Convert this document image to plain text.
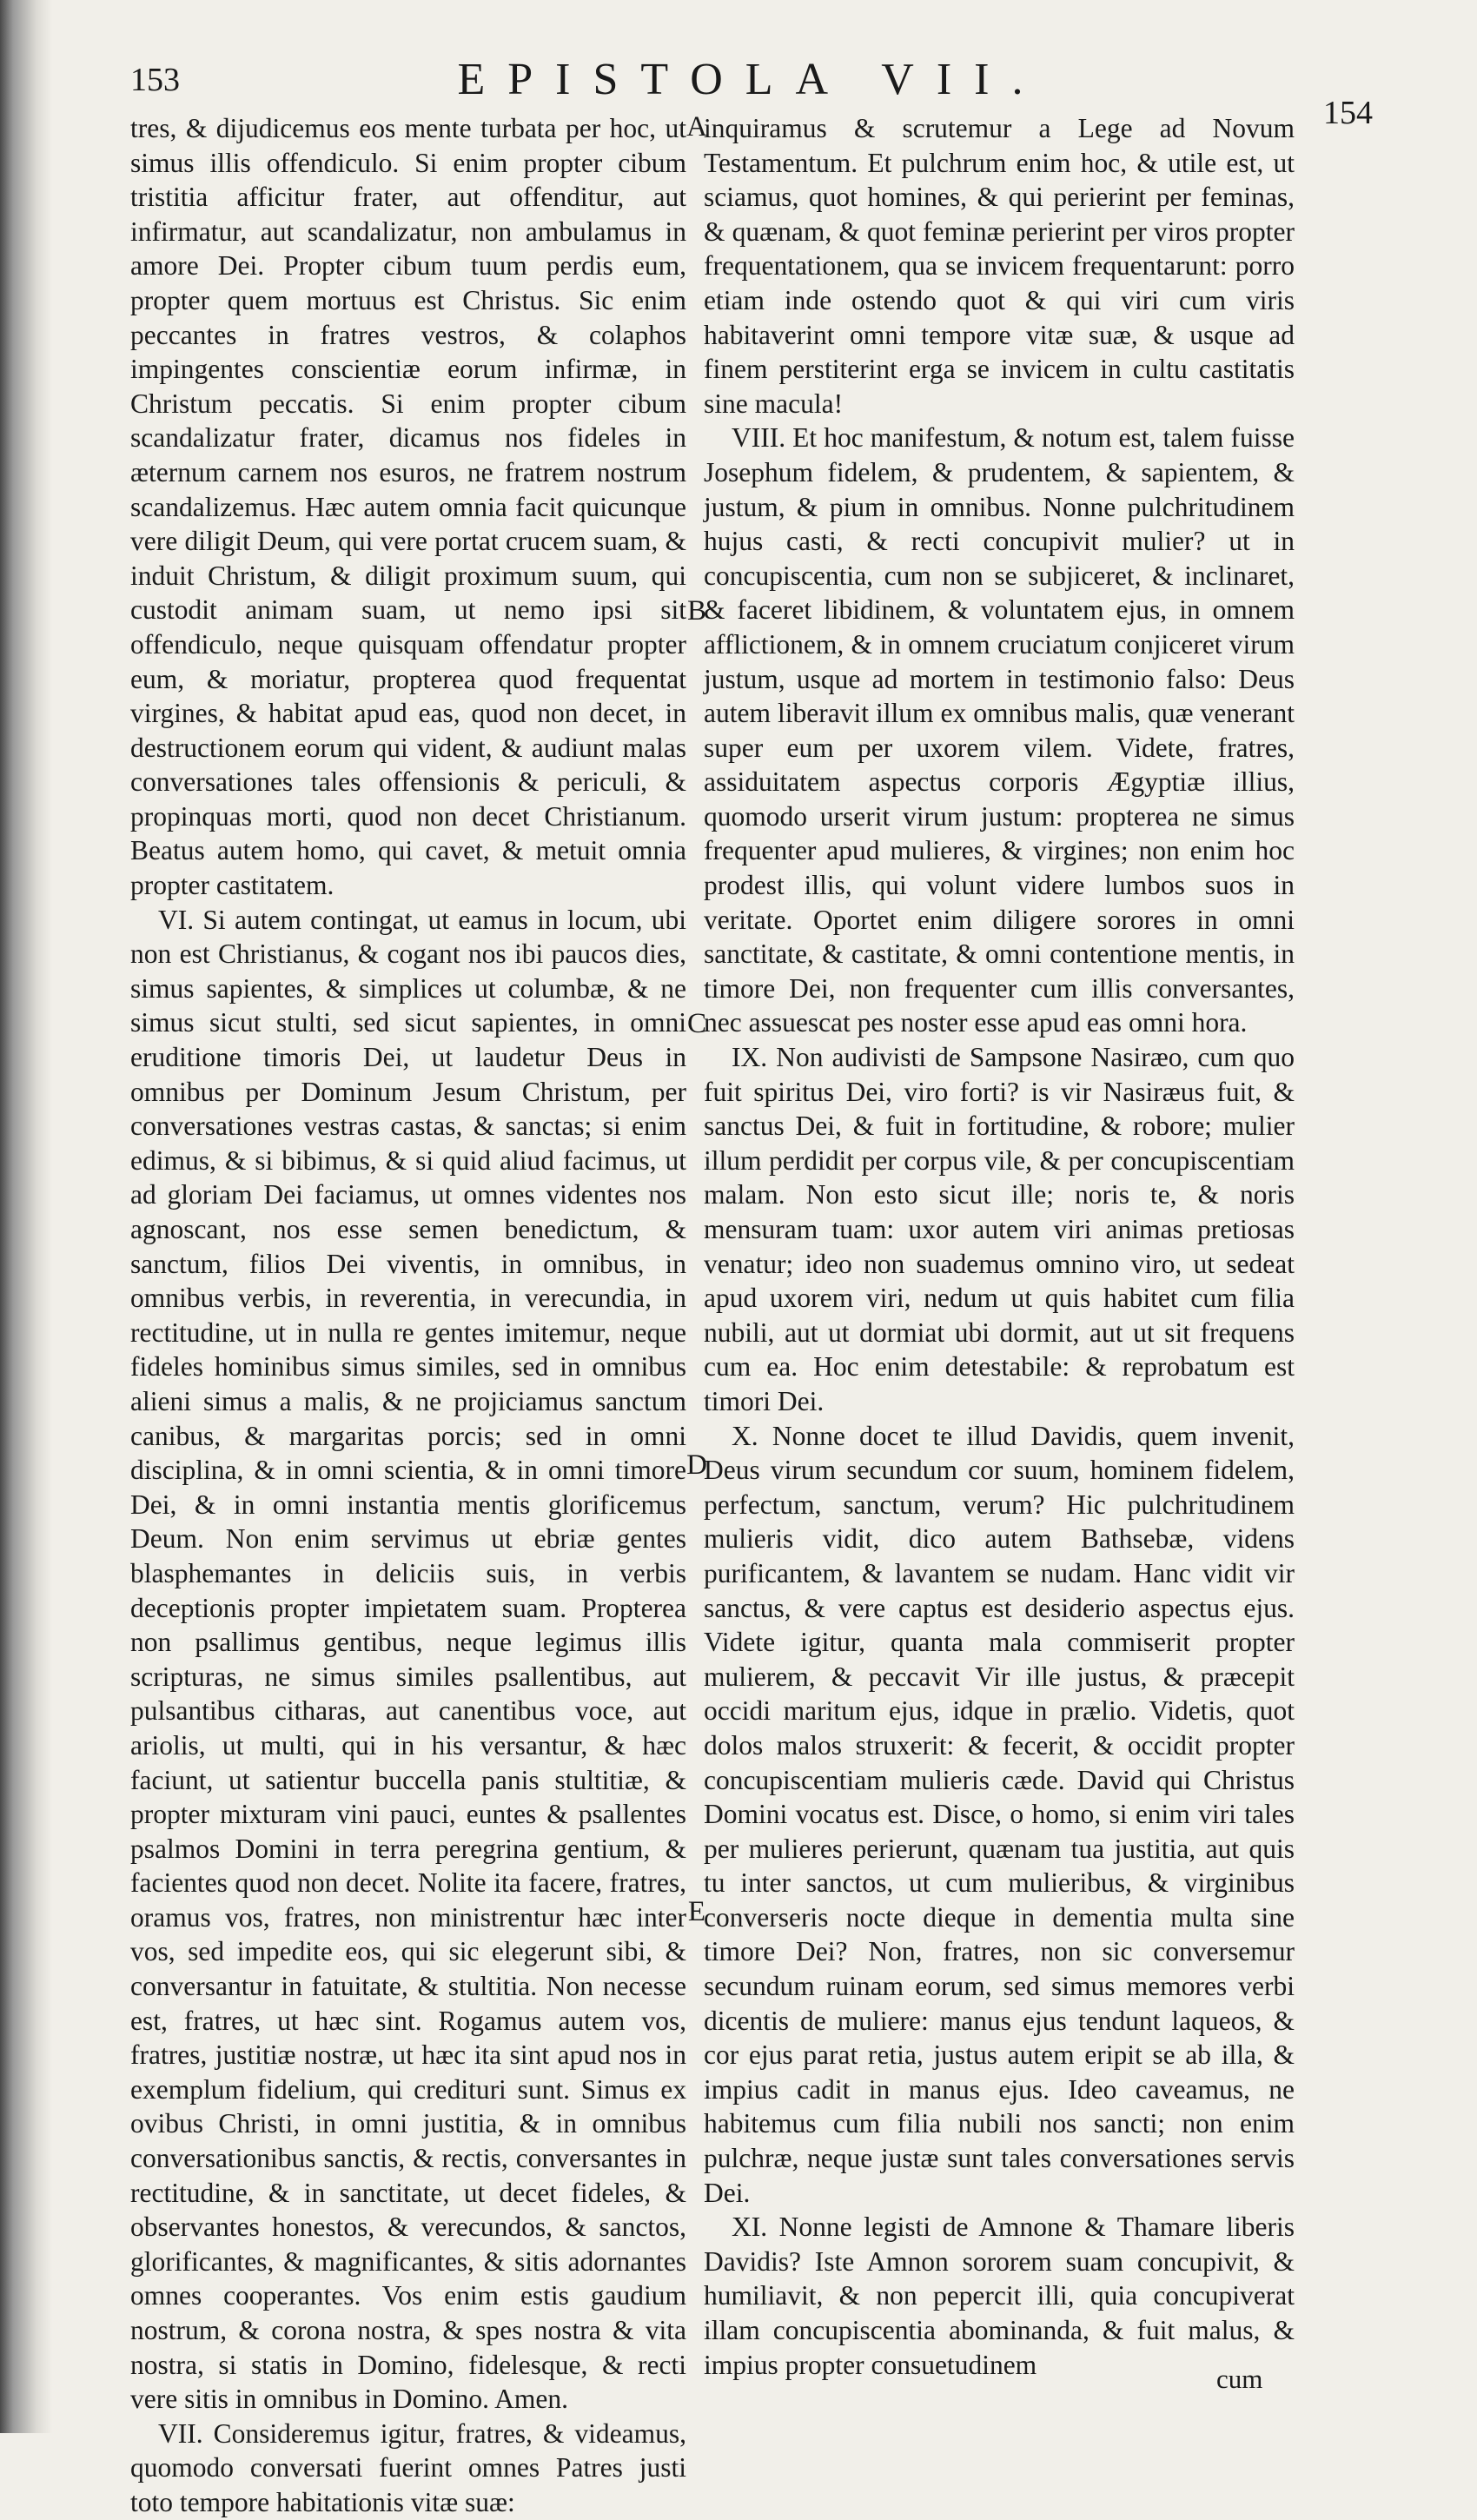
153	EPISTOLA VII.
154

tres, & dijudicemus eos mente turbata per hoc, ut simus illis offendiculo. Si enim propter cibum tristitia afficitur frater, aut offenditur, aut infirmatur, aut scandalizatur, non ambulamus in amore Dei. Propter cibum tuum perdis eum, propter quem mortuus est Christus. Sic enim peccantes in fratres vestros, & colaphos impingentes conscientiæ eorum infirmæ, in Christum peccatis. Si enim propter cibum scandalizatur frater, dicamus nos fideles in æternum carnem nos esuros, ne fratrem nostrum scandalizemus. Hæc autem omnia facit quicunque vere diligit Deum, qui vere portat crucem suam, & induit Christum, & diligit proximum suum, qui custodit animam suam, ut nemo ipsi sit offendiculo, neque quisquam offendatur propter eum, & moriatur, propterea quod frequentat virgines, & habitat apud eas, quod non decet, in destructionem eorum qui vident, & audiunt malas conversationes tales offensionis & periculi, & propinquas morti, quod non decet Christianum. Beatus autem homo, qui cavet, & metuit omnia propter castitatem.

VI. Si autem contingat, ut eamus in locum, ubi non est Christianus, & cogant nos ibi paucos dies, simus sapientes, & simplices ut columbæ, & ne simus sicut stulti, sed sicut sapientes, in omni eruditione timoris Dei, ut laudetur Deus in omnibus per Dominum Jesum Christum, per conversationes vestras castas, & sanctas; si enim edimus, & si bibimus, & si quid aliud facimus, ut ad gloriam Dei faciamus, ut omnes videntes nos agnoscant, nos esse semen benedictum, & sanctum, filios Dei viventis, in omnibus, in omnibus verbis, in reverentia, in verecundia, in rectitudine, ut in nulla re gentes imitemur, neque fideles hominibus simus similes, sed in omnibus alieni simus a malis, & ne projiciamus sanctum canibus, & margaritas porcis; sed in omni disciplina, & in omni scientia, & in omni timore Dei, & in omni instantia mentis glorificemus Deum. Non enim servimus ut ebriæ gentes blasphemantes in deliciis suis, in verbis deceptionis propter impietatem suam. Propterea non psallimus gentibus, neque legimus illis scripturas, ne simus similes psallentibus, aut pulsantibus citharas, aut canentibus voce, aut ariolis, ut multi, qui in his versantur, & hæc faciunt, ut satientur buccella panis stultitiæ, & propter mixturam vini pauci, euntes & psallentes psalmos Domini in terra peregrina gentium, & facientes quod non decet. Nolite ita facere, fratres, oramus vos, fratres, non ministrentur hæc inter vos, sed impedite eos, qui sic elegerunt sibi, & conversantur in fatuitate, & stultitia. Non necesse est, fratres, ut hæc sint. Rogamus autem vos, fratres, justitiæ nostræ, ut hæc ita sint apud nos in exemplum fidelium, qui credituri sunt. Simus ex ovibus Christi, in omni justitia, & in omnibus conversationibus sanctis, & rectis, conversantes in rectitudine, & in sanctitate, ut decet fideles, & observantes honestos, & verecundos, & sanctos, glorificantes, & magnificantes, & sitis adornantes omnes cooperantes. Vos enim estis gaudium nostrum, & corona nostra, & spes nostra & vita nostra, si statis in Domino, fidelesque, & recti vere sitis in omnibus in Domino. Amen.

VII. Consideremus igitur, fratres, & videamus, quomodo conversati fuerint omnes Patres justi toto tempore habitationis vitæ suæ:

inquiramus & scrutemur a Lege ad Novum Testamentum. Et pulchrum enim hoc, & utile est, ut sciamus, quot homines, & qui perierint per feminas, & quænam, & quot feminæ perierint per viros propter frequentationem, qua se invicem frequentarunt: porro etiam inde ostendo quot & qui viri cum viris habitaverint omni tempore vitæ suæ, & usque ad finem perstiterint erga se invicem in cultu castitatis sine macula!

VIII. Et hoc manifestum, & notum est, talem fuisse Josephum fidelem, & prudentem, & sapientem, & justum, & pium in omnibus. Nonne pulchritudinem hujus casti, & recti concupivit mulier? ut in concupiscentia, cum non se subjiceret, & inclinaret, & faceret libidinem, & voluntatem ejus, in omnem afflictionem, & in omnem cruciatum conjiceret virum justum, usque ad mortem in testimonio falso: Deus autem liberavit illum ex omnibus malis, quæ venerant super eum per uxorem vilem. Videte, fratres, assiduitatem aspectus corporis Ægyptiæ illius, quomodo urserit virum justum: propterea ne simus frequenter apud mulieres, & virgines; non enim hoc prodest illis, qui volunt videre lumbos suos in veritate. Oportet enim diligere sorores in omni sanctitate, & castitate, & omni contentione mentis, in timore Dei, non frequenter cum illis conversantes, nec assuescat pes noster esse apud eas omni hora.

IX. Non audivisti de Sampsone Nasiræo, cum quo fuit spiritus Dei, viro forti? is vir Nasiræus fuit, & sanctus Dei, & fuit in fortitudine, & robore; mulier illum perdidit per corpus vile, & per concupiscentiam malam. Non esto sicut ille; noris te, & noris mensuram tuam: uxor autem viri animas pretiosas venatur; ideo non suademus omnino viro, ut sedeat apud uxorem viri, nedum ut quis habitet cum filia nubili, aut ut dormiat ubi dormit, aut ut sit frequens cum ea. Hoc enim detestabile: & reprobatum est timori Dei.

X. Nonne docet te illud Davidis, quem invenit, Deus virum secundum cor suum, hominem fidelem, perfectum, sanctum, verum? Hic pulchritudinem mulieris vidit, dico autem Bathsebæ, videns purificantem, & lavantem se nudam. Hanc vidit vir sanctus, & vere captus est desiderio aspectus ejus. Videte igitur, quanta mala commiserit propter mulierem, & peccavit Vir ille justus, & præcepit occidi maritum ejus, idque in prælio. Videtis, quot dolos malos struxerit: & fecerit, & occidit propter concupiscentiam mulieris cæde. David qui Christus Domini vocatus est. Disce, o homo, si enim viri tales per mulieres perierunt, quænam tua justitia, aut quis tu inter sanctos, ut cum mulieribus, & virginibus converseris nocte dieque in dementia multa sine timore Dei? Non, fratres, non sic conversemur secundum ruinam eorum, sed simus memores verbi dicentis de muliere: manus ejus tendunt laqueos, & cor ejus parat retia, justus autem eripit se ab illa, & impius cadit in manus ejus. Ideo caveamus, ne habitemus cum filia nubili nos sancti; non enim pulchræ, neque justæ sunt tales conversationes servis Dei.

XI. Nonne legisti de Amnone & Thamare liberis Davidis? Iste Amnon sororem suam concupivit, & humiliavit, & non pepercit illi, quia concupiverat illam concupiscentia abominanda, & fuit malus, & impius propter consuetudinem

A
B
C
D
E
cum
